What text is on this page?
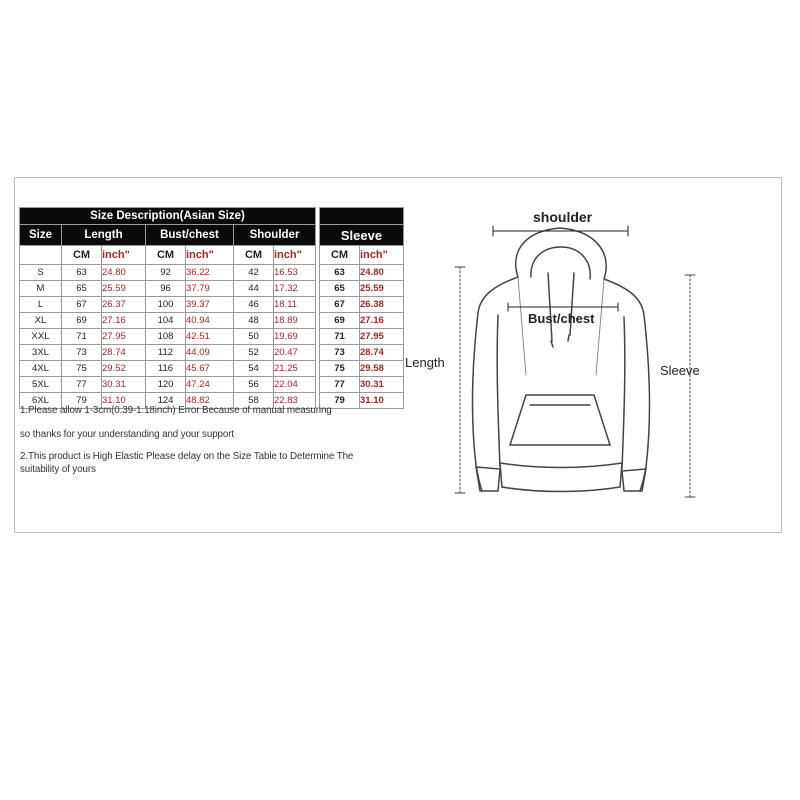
Size Description(Asian Size)									
Size	Length		Bust/chest		Shoulder			Sleeve	
	CM	inch"	CM	inch"	CM	inch"		CM	inch"
S	63	24.80	92	36.22	42	16.53		63	24.80
M	65	25.59	96	37.79	44	17.32		65	25.59
L	67	26.37	100	39.37	46	18.11		67	26.38
XL	69	27.16	104	40.94	48	18.89		69	27.16
XXL	71	27.95	108	42.51	50	19.69		71	27.95
3XL	73	28.74	112	44.09	52	20.47		73	28.74
4XL	75	29.52	116	45.67	54	21.25		75	29.58
5XL	77	30.31	120	47.24	56	22.04		77	30.31
6XL	79	31.10	124	48.82	58	22.83		79	31.10
1.Please allow 1-3cm(0.39-1.18inch) Error Because of manual measuring
so thanks for your understanding and your support
2.This product is High Elastic Please delay on the Size Table to Determine The
suitability of yours
shoulder
Bust/chest
Length
Sleeve
